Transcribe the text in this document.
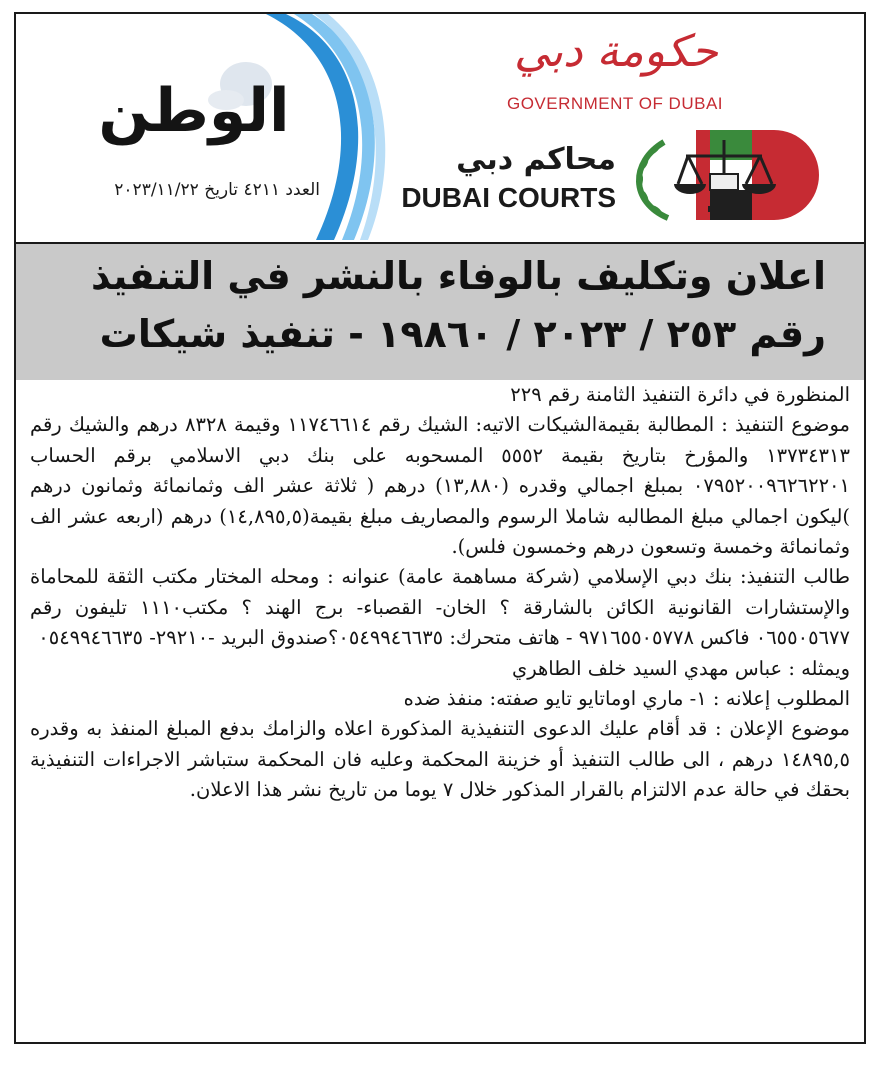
الوطن
العدد ٤٢١١ تاريخ ٢٠٢٣/١١/٢٢
حكومة دبي
GOVERNMENT OF DUBAI
محاكم دبي
DUBAI COURTS
اعلان وتكليف بالوفاء بالنشر في التنفيذ
رقم ٢٥٣ / ٢٠٢٣ / ١٩٨٦٠ - تنفيذ شيكات

المنظورة في دائرة التنفيذ الثامنة رقم ٢٢٩

موضوع التنفيذ : المطالبة بقيمةالشيكات الاتيه: الشيك رقم ١١٧٤٦٦١٤ وقيمة ٨٣٢٨ درهم والشيك رقم ١٣٧٣٤٣١٣ والمؤرخ بتاريخ بقيمة ٥٥٥٢ المسحوبه على بنك دبي الاسلامي برقم الحساب ٠٧٩٥٢٠٠٩٦٢٦٢٢٠١ بمبلغ اجمالي وقدره (١٣,٨٨٠) درهم ( ثلاثة عشر الف وثمانمائة وثمانون درهم )ليكون اجمالي مبلغ المطالبه شاملا الرسوم والمصاريف مبلغ بقيمة(١٤,٨٩٥,٥) درهم (اربعه عشر الف وثمانمائة وخمسة وتسعون درهم وخمسون فلس).

طالب التنفيذ: بنك دبي الإسلامي (شركة مساهمة عامة) عنوانه : ومحله المختار مكتب الثقة للمحاماة والإستشارات القانونية الكائن بالشارقة ؟ الخان- القصباء- برج الهند ؟ مكتب١١١٠ تليفون رقم ٠٦٥٥٠٥٦٧٧ فاكس ٩٧١٦٥٥٠٥٧٧٨ - هاتف متحرك: ٠٥٤٩٩٤٦٦٣٥؟صندوق البريد -٢٩٢١٠- ٠٥٤٩٩٤٦٦٣٥

ويمثله : عباس مهدي السيد خلف الطاهري

المطلوب إعلانه : ١- ماري اوماتايو تايو صفته: منفذ ضده

موضوع الإعلان : قد أقام عليك الدعوى التنفيذية المذكورة اعلاه والزامك بدفع المبلغ المنفذ به وقدره ١٤٨٩٥,٥ درهم ، الى طالب التنفيذ أو خزينة المحكمة وعليه فان المحكمة ستباشر الاجراءات التنفيذية بحقك في حالة عدم الالتزام بالقرار المذكور خلال ٧ يوما من تاريخ نشر هذا الاعلان.
